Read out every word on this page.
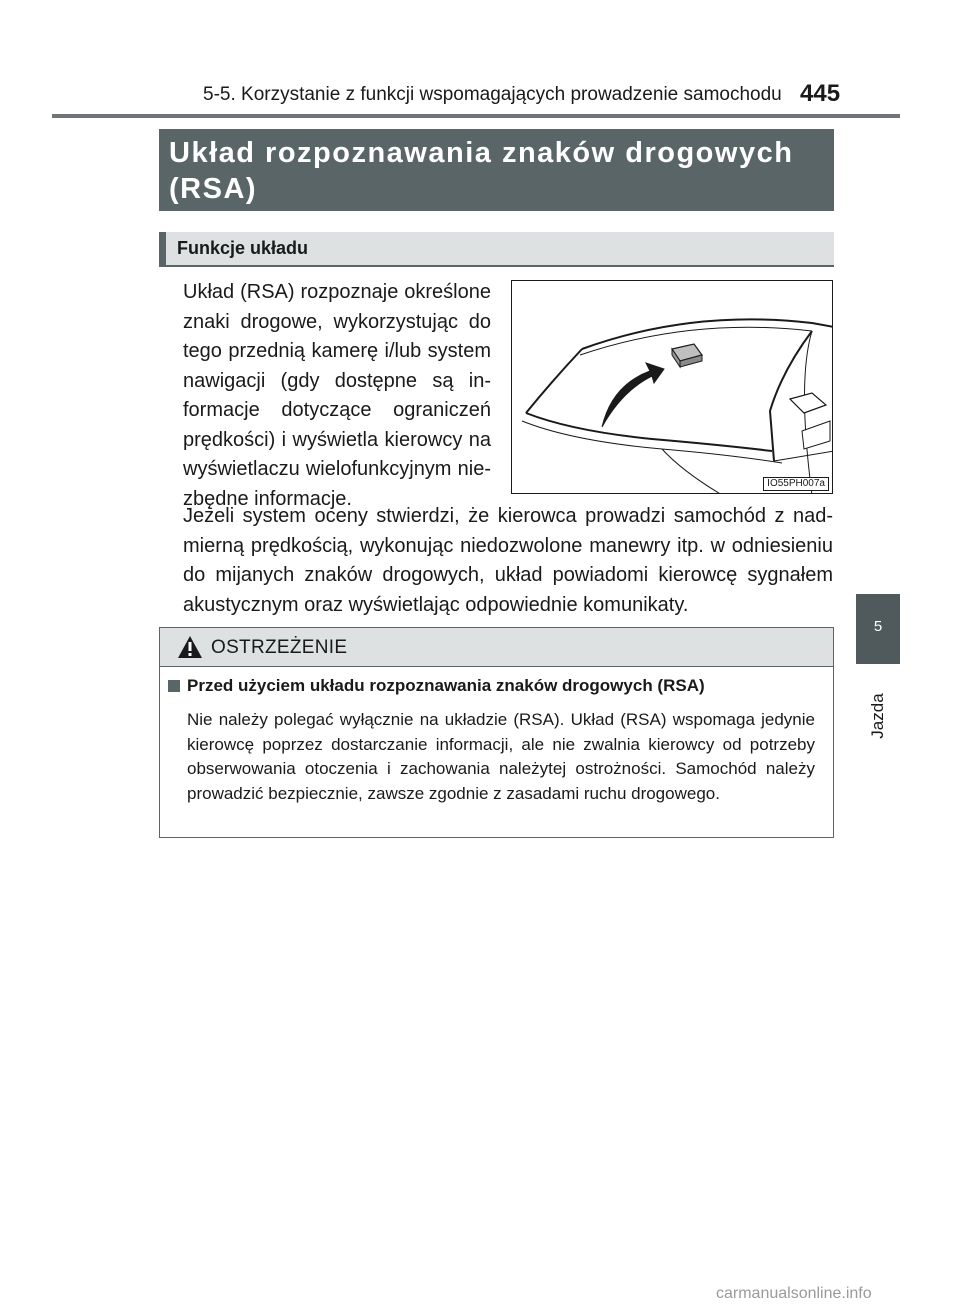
5-5. Korzystanie z funkcji wspomagających prowadzenie samochodu 445
5
Jazda
Układ rozpoznawania znaków drogowych (RSA)
Funkcje układu

Układ (RSA) rozpoznaje określone znaki drogowe, wykorzystując do tego przednią kamerę i/lub system nawigacji (gdy dostępne są informacje dotyczące ograniczeń prędkości) i wyświetla kierowcy na wyświetlaczu wielofunkcyjnym niezbędne informacje.

IO55PH007a

Jeżeli system oceny stwierdzi, że kierowca prowadzi samochód z nadmierną prędkością, wykonując niedozwolone manewry itp. w odniesieniu do mijanych znaków drogowych, układ powiadomi kierowcę sygnałem akustycznym oraz wyświetlając odpowiednie komunikaty.

OSTRZEŻENIE
Przed użyciem układu rozpoznawania znaków drogowych (RSA)

Nie należy polegać wyłącznie na układzie (RSA). Układ (RSA) wspomaga jedynie kierowcę poprzez dostarczanie informacji, ale nie zwalnia kierowcy od potrzeby obserwowania otoczenia i zachowania należytej ostrożności. Samochód należy prowadzić bezpiecznie, zawsze zgodnie z zasadami ruchu drogowego.

carmanualsonline.info
